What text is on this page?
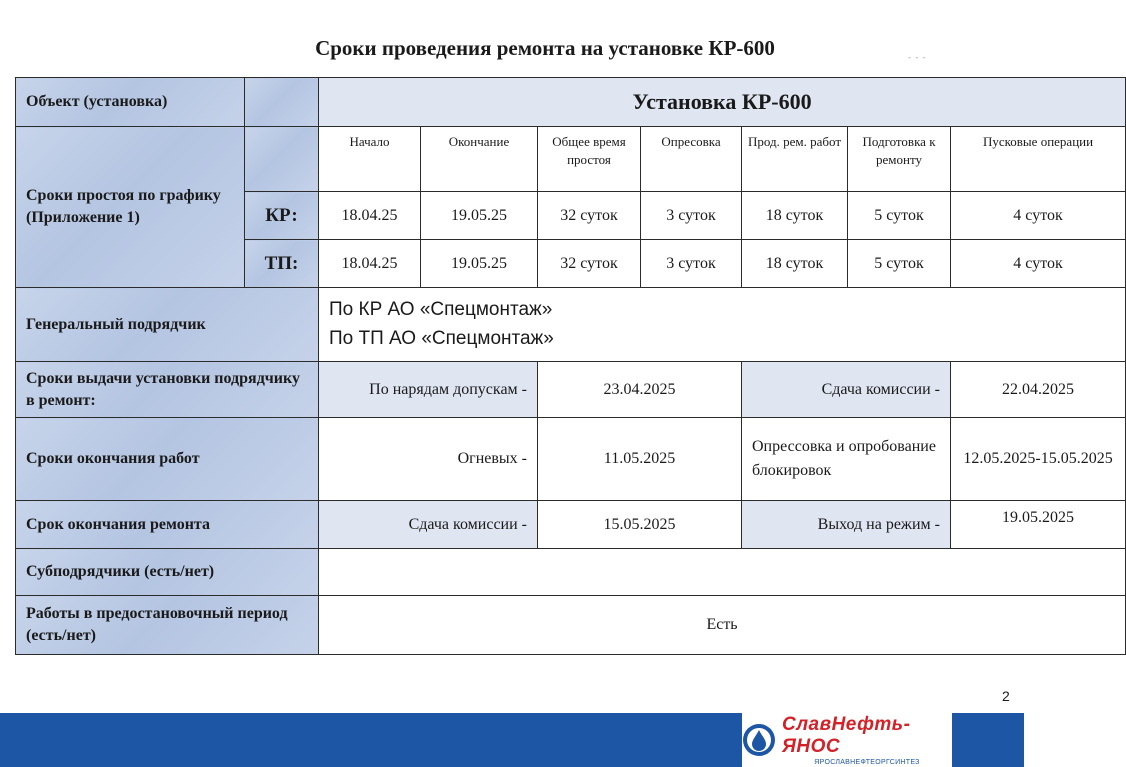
Сроки проведения ремонта на установке КР-600	- - -
Объект (установка)		Установка КР-600						
Сроки простоя по графику (Приложение 1)		Начало	Окончание	Общее время простоя	Опресовка	Прод. рем. работ	Подготовка к ремонту	Пусковые операции
	КР:	18.04.25	19.05.25	32 суток	3 суток	18 суток	5 суток	4 суток
	ТП:	18.04.25	19.05.25	32 суток	3 суток	18 суток	5 суток	4 суток
Генеральный подрядчик		По КР АО «Спецмонтаж»
По ТП АО «Спецмонтаж»						

Сроки выдачи установки подрядчику в ремонт:		По нарядам допускам -		23.04.2025		Сдача комиссии -		22.04.2025
Сроки окончания работ		Огневых -		11.05.2025		Опрессовка и опробование блокировок		12.05.2025-15.05.2025
Срок окончания ремонта		Сдача комиссии -		15.05.2025		Выход на режим -		19.05.2025
Субподрядчики (есть/нет)								
Работы в предостановочный период (есть/нет)		Есть						
2
СлавНефть-ЯНОС
ЯРОСЛАВНЕФТЕОРГСИНТЕЗ
